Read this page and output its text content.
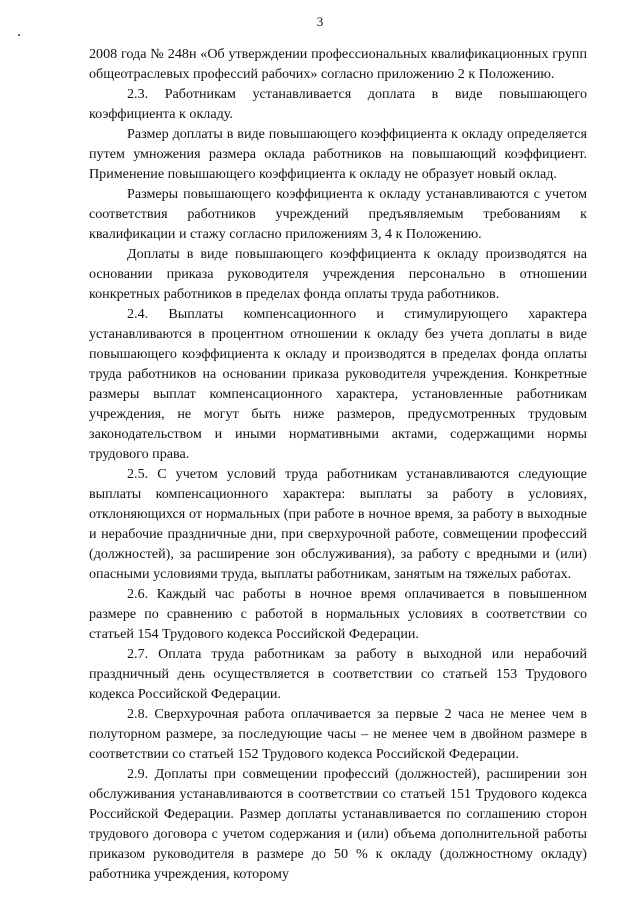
3

2008 года № 248н «Об утверждении профессиональных квалификационных групп общеотраслевых профессий рабочих» согласно приложению 2 к Положению.

2.3. Работникам устанавливается доплата в виде повышающего коэффициента к окладу.

Размер доплаты в виде повышающего коэффициента к окладу определяется путем умножения размера оклада работников на повышающий коэффициент. Применение повышающего коэффициента к окладу не образует новый оклад.

Размеры повышающего коэффициента к окладу устанавливаются с учетом соответствия работников учреждений предъявляемым требованиям к квалификации и стажу согласно приложениям 3, 4 к Положению.

Доплаты в виде повышающего коэффициента к окладу производятся на основании приказа руководителя учреждения персонально в отношении конкретных работников в пределах фонда оплаты труда работников.

2.4. Выплаты компенсационного и стимулирующего характера устанавливаются в процентном отношении к окладу без учета доплаты в виде повышающего коэффициента к окладу и производятся в пределах фонда оплаты труда работников на основании приказа руководителя учреждения. Конкретные размеры выплат компенсационного характера, установленные работникам учреждения, не могут быть ниже размеров, предусмотренных трудовым законодательством и иными нормативными актами, содержащими нормы трудового права.

2.5. С учетом условий труда работникам устанавливаются следующие выплаты компенсационного характера: выплаты за работу в условиях, отклоняющихся от нормальных (при работе в ночное время, за работу в выходные и нерабочие праздничные дни, при сверхурочной работе, совмещении профессий (должностей), за расширение зон обслуживания), за работу с вредными и (или) опасными условиями труда, выплаты работникам, занятым на тяжелых работах.

2.6. Каждый час работы в ночное время оплачивается в повышенном размере по сравнению с работой в нормальных условиях в соответствии со статьей 154 Трудового кодекса Российской Федерации.

2.7. Оплата труда работникам за работу в выходной или нерабочий праздничный день осуществляется в соответствии со статьей 153 Трудового кодекса Российской Федерации.

2.8. Сверхурочная работа оплачивается за первые 2 часа не менее чем в полуторном размере, за последующие часы – не менее чем в двойном размере в соответствии со статьей 152 Трудового кодекса Российской Федерации.

2.9. Доплаты при совмещении профессий (должностей), расширении зон обслуживания устанавливаются в соответствии со статьей 151 Трудового кодекса Российской Федерации. Размер доплаты устанавливается по соглашению сторон трудового договора с учетом содержания и (или) объема дополнительной работы приказом руководителя в размере до 50 % к окладу (должностному окладу) работника учреждения, которому
